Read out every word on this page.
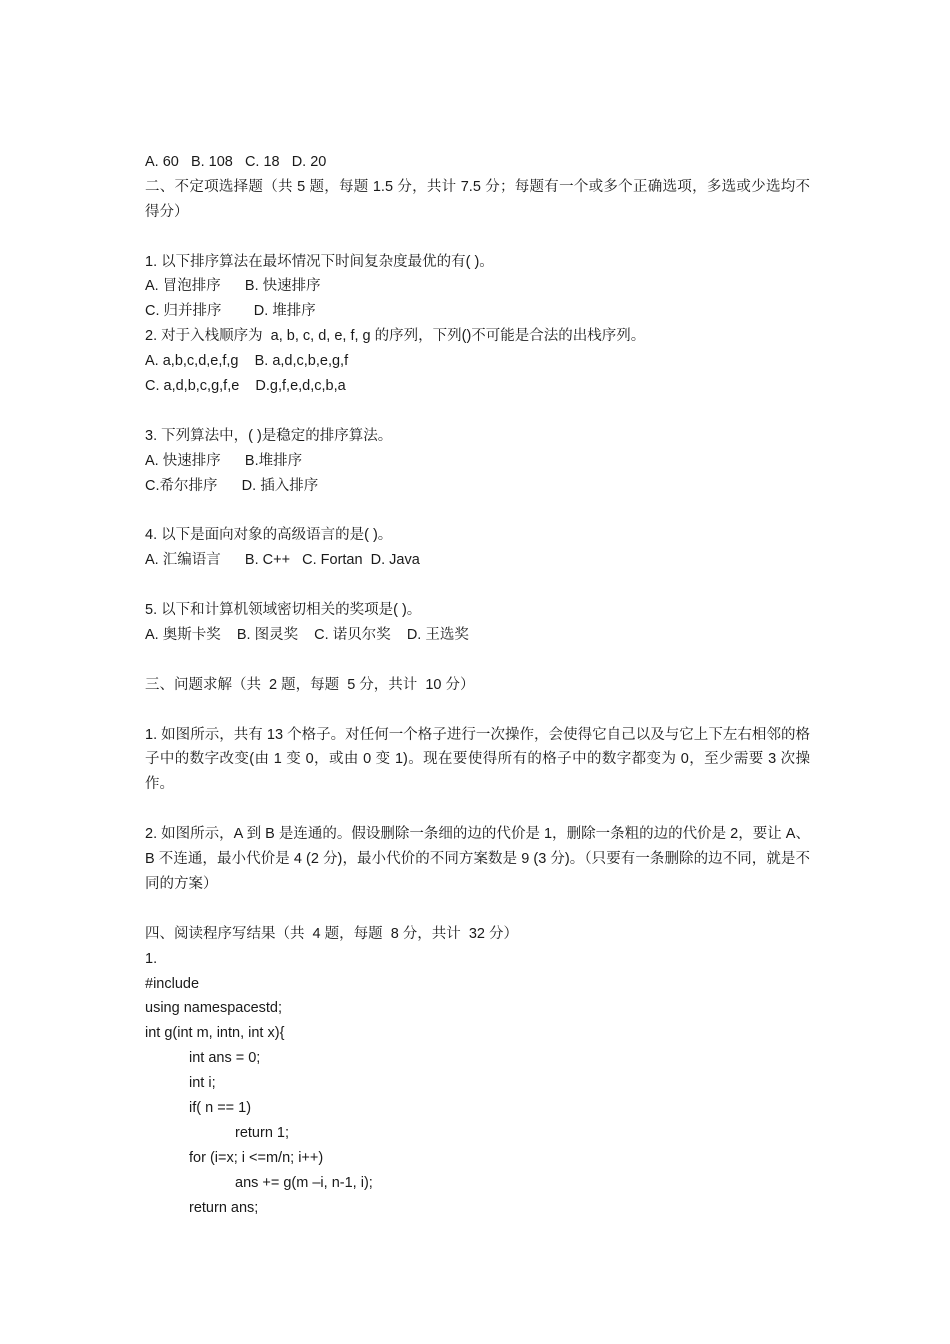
A. 60   B. 108   C. 18   D. 20
二、不定项选择题（共 5 题，每题 1.5 分，共计 7.5 分；每题有一个或多个正确选项，多选或少选均不得分）
1. 以下排序算法在最坏情况下时间复杂度最优的有( )。
A. 冒泡排序      B. 快速排序
C. 归并排序        D. 堆排序
2. 对于入栈顺序为  a, b, c, d, e, f, g 的序列，下列()不可能是合法的出栈序列。
A. a,b,c,d,e,f,g    B. a,d,c,b,e,g,f
C. a,d,b,c,g,f,e    D.g,f,e,d,c,b,a
3. 下列算法中，( )是稳定的排序算法。
A. 快速排序      B.堆排序
C.希尔排序      D. 插入排序
4. 以下是面向对象的高级语言的是( )。
A. 汇编语言      B. C++   C. Fortan  D. Java
5. 以下和计算机领域密切相关的奖项是( )。
A. 奥斯卡奖    B. 图灵奖    C. 诺贝尔奖    D. 王选奖
三、问题求解（共  2 题，每题  5 分，共计  10 分）
1. 如图所示，共有 13 个格子。对任何一个格子进行一次操作，会使得它自己以及与它上下左右相邻的格子中的数字改变(由 1 变 0，或由 0 变 1)。现在要使得所有的格子中的数字都变为 0，至少需要 3 次操作。
2. 如图所示，A 到 B 是连通的。假设删除一条细的边的代价是 1，删除一条粗的边的代价是 2，要让 A、B 不连通，最小代价是 4 (2 分)，最小代价的不同方案数是 9 (3 分)。（只要有一条删除的边不同，就是不同的方案）
四、阅读程序写结果（共  4 题，每题  8 分，共计  32 分）
1.
#include
using namespacestd;
int g(int m, intn, int x){
int ans = 0;
int i;
if( n == 1)
return 1;
for (i=x; i <=m/n; i++)
ans += g(m –i, n-1, i);
return ans;
